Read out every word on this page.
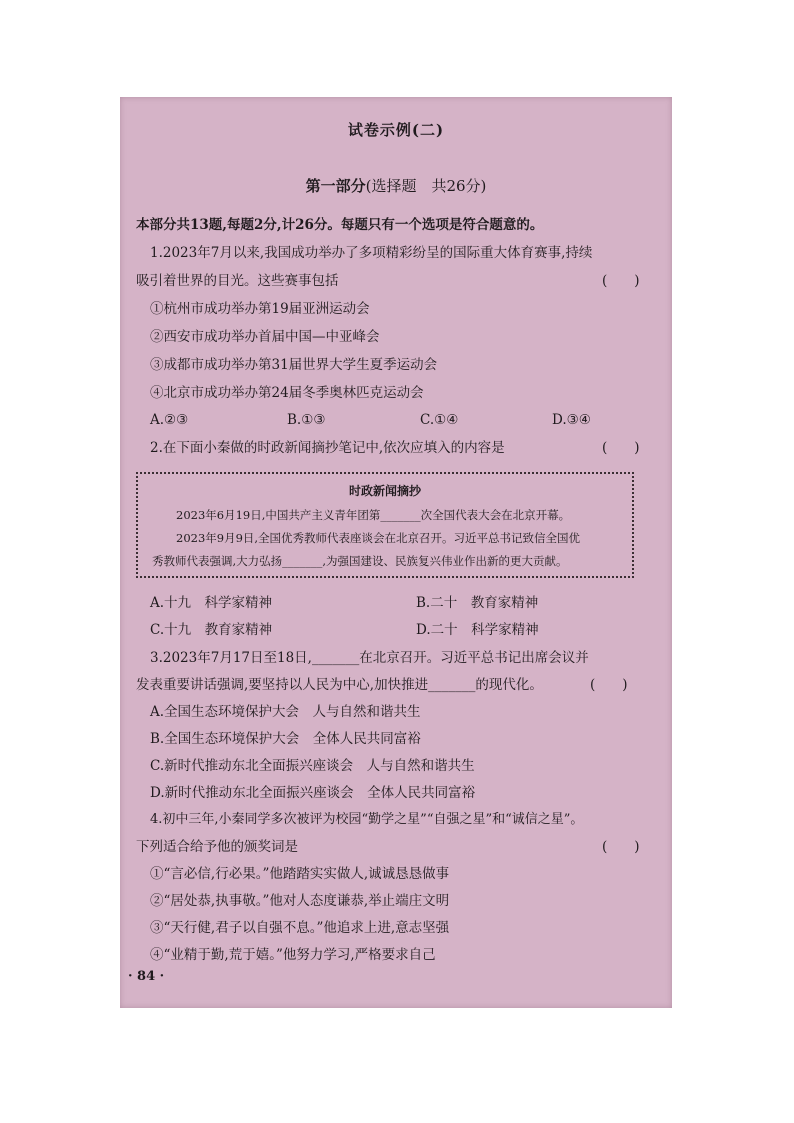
试卷示例(二)
第一部分(选择题　共26分)
本部分共13题,每题2分,计26分。每题只有一个选项是符合题意的。
1.2023年7月以来,我国成功举办了多项精彩纷呈的国际重大体育赛事,持续
吸引着世界的目光。这些赛事包括	(　　)
①杭州市成功举办第19届亚洲运动会
②西安市成功举办首届中国—中亚峰会
③成都市成功举办第31届世界大学生夏季运动会
④北京市成功举办第24届冬季奥林匹克运动会
A.②③	B.①③	C.①④	D.③④
2.在下面小秦做的时政新闻摘抄笔记中,依次应填入的内容是	(　　)
时政新闻摘抄
2023年6月19日,中国共产主义青年团第_______次全国代表大会在北京开幕。
2023年9月9日,全国优秀教师代表座谈会在北京召开。习近平总书记致信全国优
秀教师代表强调,大力弘扬_______,为强国建设、民族复兴伟业作出新的更大贡献。
A.十九　科学家精神	B.二十　教育家精神
C.十九　教育家精神	D.二十　科学家精神
3.2023年7月17日至18日,_______在北京召开。习近平总书记出席会议并
发表重要讲话强调,要坚持以人民为中心,加快推进_______的现代化。	(　　)
A.全国生态环境保护大会　人与自然和谐共生
B.全国生态环境保护大会　全体人民共同富裕
C.新时代推动东北全面振兴座谈会　人与自然和谐共生
D.新时代推动东北全面振兴座谈会　全体人民共同富裕
4.初中三年,小秦同学多次被评为校园“勤学之星”“自强之星”和“诚信之星”。
下列适合给予他的颁奖词是	(　　)
①“言必信,行必果。”他踏踏实实做人,诚诚恳恳做事
②“居处恭,执事敬。”他对人态度谦恭,举止端庄文明
③“天行健,君子以自强不息。”他追求上进,意志坚强
④“业精于勤,荒于嬉。”他努力学习,严格要求自己
· 84 ·
